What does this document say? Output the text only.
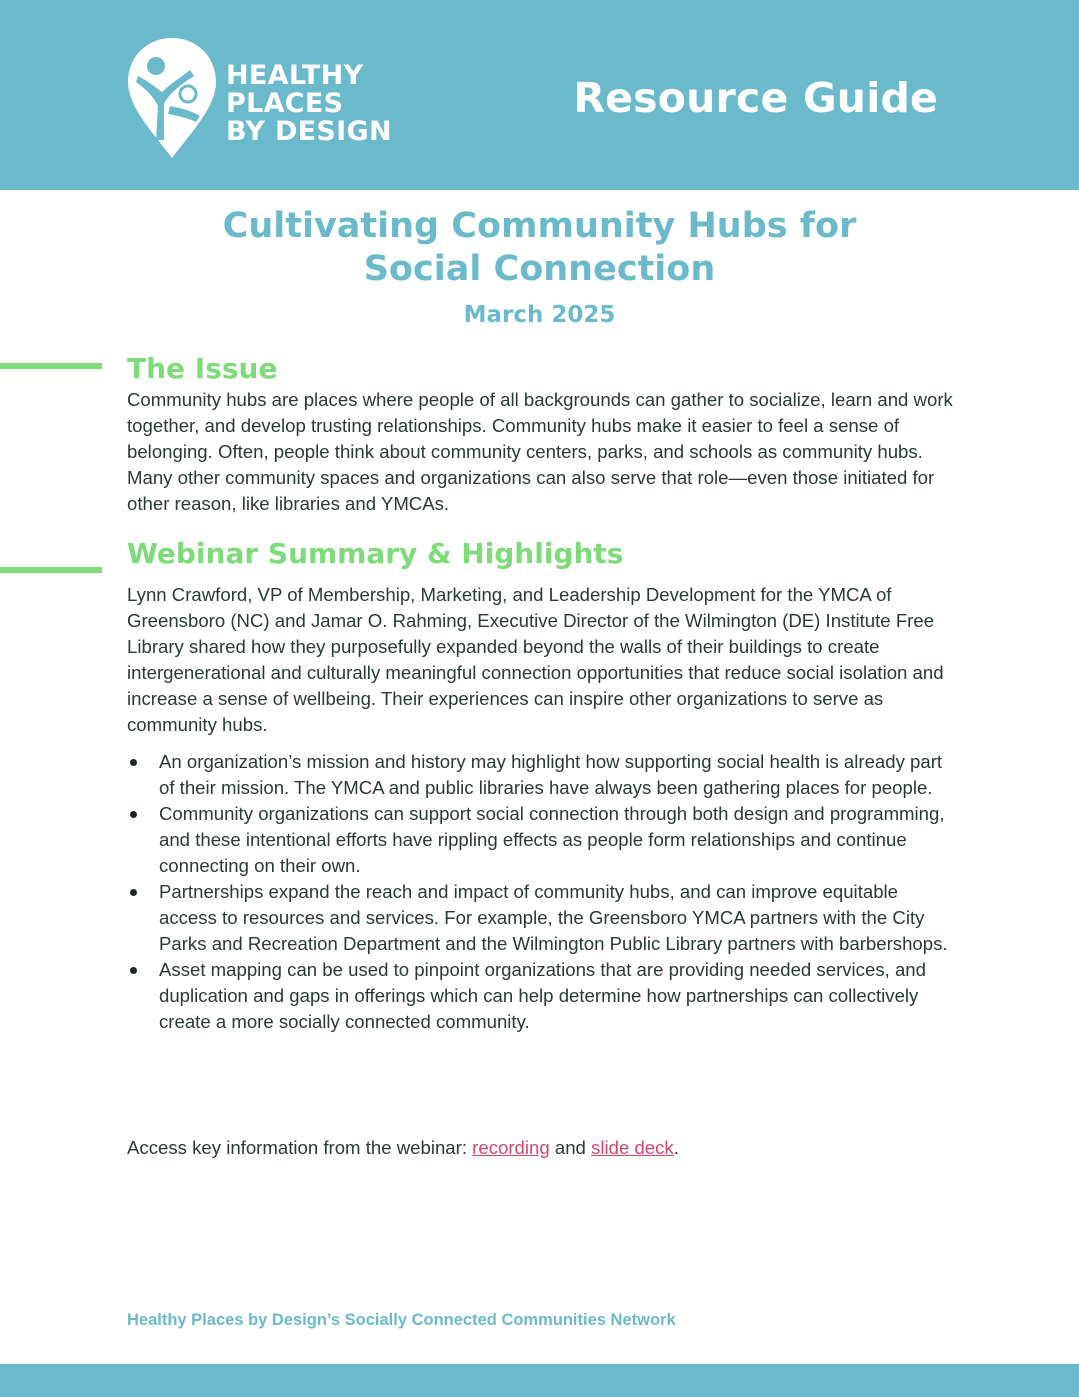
HEALTHY
PLACES
BY DESIGN
Resource Guide
Cultivating Community Hubs for
Social Connection
March 2025
The Issue
Community hubs are places where people of all backgrounds can gather to socialize, learn and work together, and develop trusting relationships. Community hubs make it easier to feel a sense of belonging. Often, people think about community centers, parks, and schools as community hubs. Many other community spaces and organizations can also serve that role—even those initiated for other reason, like libraries and YMCAs.
Webinar Summary & Highlights
Lynn Crawford, VP of Membership, Marketing, and Leadership Development for the YMCA of Greensboro (NC) and Jamar O. Rahming, Executive Director of the Wilmington (DE) Institute Free Library shared how they purposefully expanded beyond the walls of their buildings to create intergenerational and culturally meaningful connection opportunities that reduce social isolation and increase a sense of wellbeing. Their experiences can inspire other organizations to serve as community hubs.
An organization’s mission and history may highlight how supporting social health is already part of their mission. The YMCA and public libraries have always been gathering places for people.
Community organizations can support social connection through both design and programming, and these intentional efforts have rippling effects as people form relationships and continue connecting on their own.
Partnerships expand the reach and impact of community hubs, and can improve equitable access to resources and services. For example, the Greensboro YMCA partners with the City Parks and Recreation Department and the Wilmington Public Library partners with barbershops.
Asset mapping can be used to pinpoint organizations that are providing needed services, and duplication and gaps in offerings which can help determine how partnerships can collectively create a more socially connected community.
Access key information from the webinar: recording and slide deck.
Healthy Places by Design’s Socially Connected Communities Network
